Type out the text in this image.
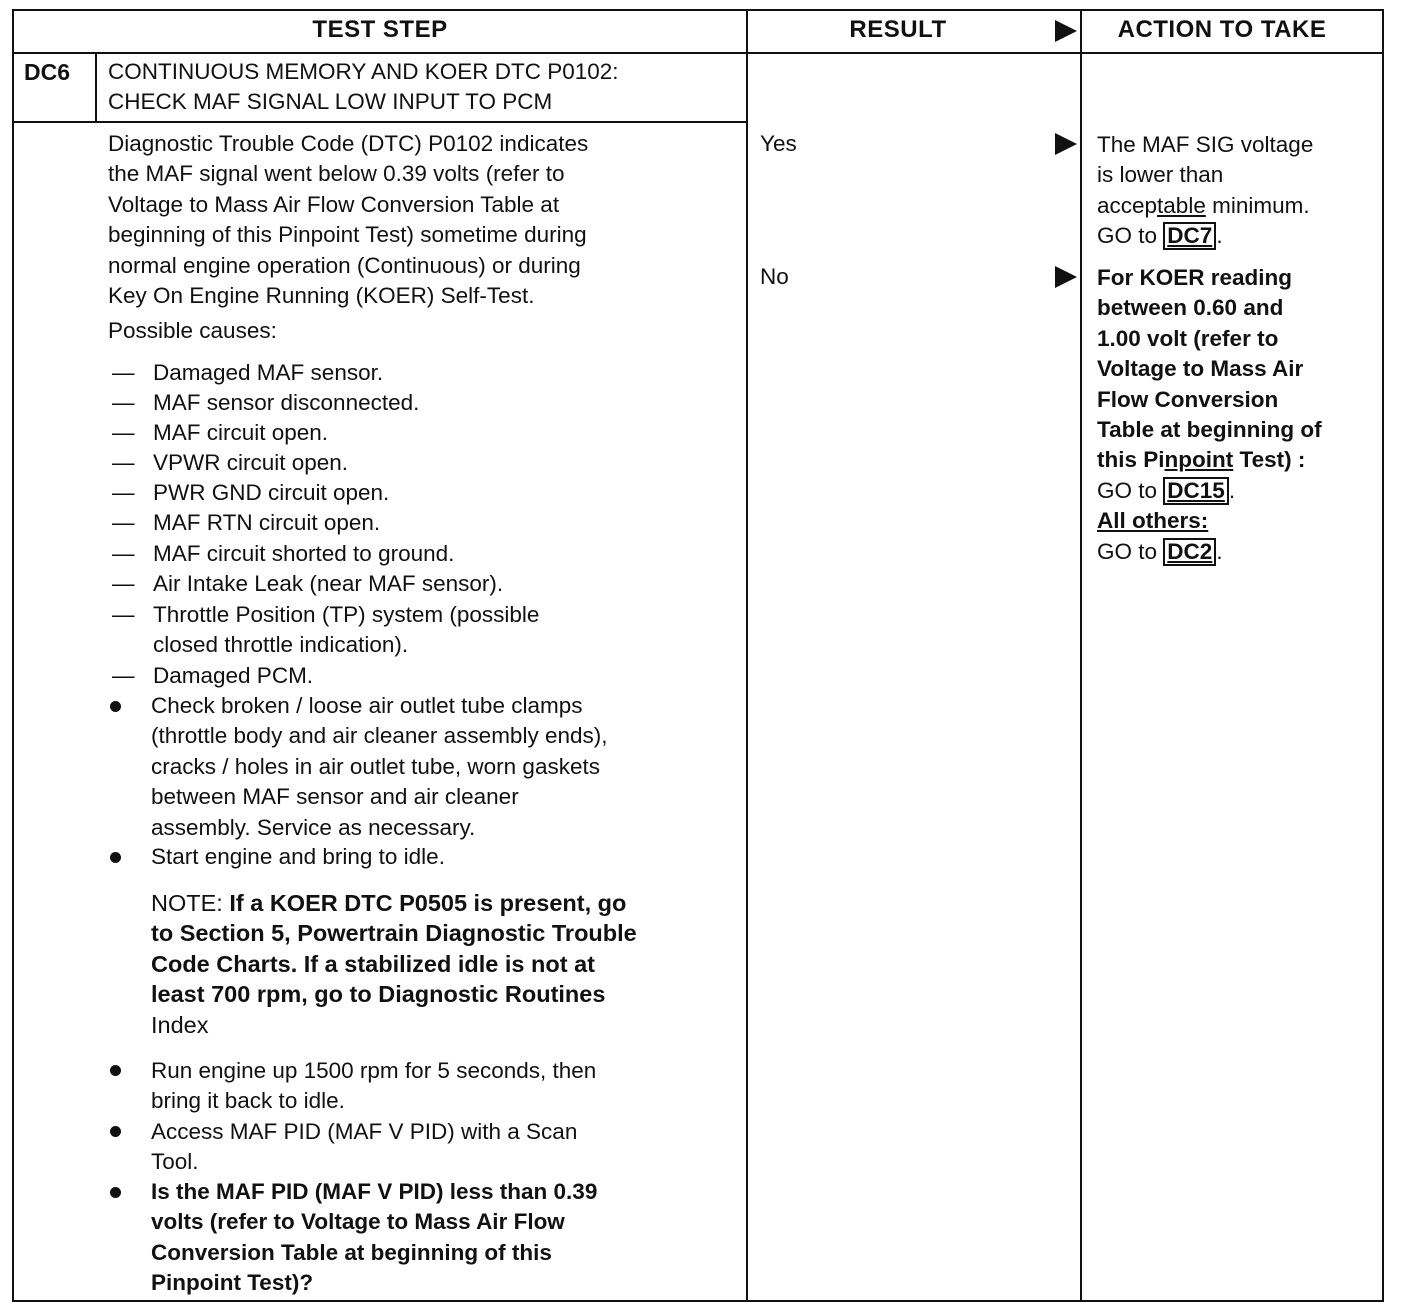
TEST STEP	RESULT	ACTION TO TAKE
DC6 CONTINUOUS MEMORY AND KOER DTC P0102:
CHECK MAF SIGNAL LOW INPUT TO PCM
Diagnostic Trouble Code (DTC) P0102 indicates
the MAF signal went below 0.39 volts (refer to
Voltage to Mass Air Flow Conversion Table at
beginning of this Pinpoint Test) sometime during
normal engine operation (Continuous) or during
Key On Engine Running (KOER) Self-Test.
Possible causes:
— Damaged MAF sensor.
— MAF sensor disconnected.
— MAF circuit open.
— VPWR circuit open.
— PWR GND circuit open.
— MAF RTN circuit open.
— MAF circuit shorted to ground.
— Air Intake Leak (near MAF sensor).
— Throttle Position (TP) system (possible
closed throttle indication).
— Damaged PCM.
Check broken / loose air outlet tube clamps
(throttle body and air cleaner assembly ends),
cracks / holes in air outlet tube, worn gaskets
between MAF sensor and air cleaner
assembly. Service as necessary.
Start engine and bring to idle.
NOTE: If a KOER DTC P0505 is present, go
to Section 5, Powertrain Diagnostic Trouble
Code Charts. If a stabilized idle is not at
least 700 rpm, go to Diagnostic Routines
Index
Run engine up 1500 rpm for 5 seconds, then
bring it back to idle.
Access MAF PID (MAF V PID) with a Scan
Tool.
Is the MAF PID (MAF V PID) less than 0.39
volts (refer to Voltage to Mass Air Flow
Conversion Table at beginning of this
Pinpoint Test)?
Yes
No
The MAF SIG voltage
is lower than
acceptable minimum.
GO to DC7 .
For KOER reading
between 0.60 and
1.00 volt (refer to
Voltage to Mass Air
Flow Conversion
Table at beginning of
this Pinpoint Test) :
GO to DC15 .
All others:
GO to DC2 .
